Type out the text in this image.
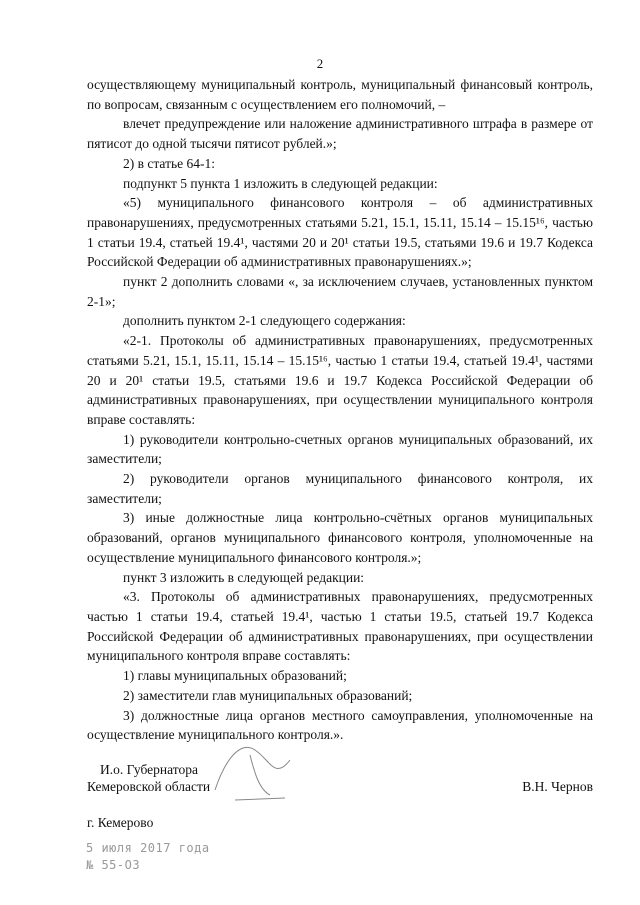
2

осуществляющему муниципальный контроль, муниципальный финансовый контроль, по вопросам, связанным с осуществлением его полномочий, –

влечет предупреждение или наложение административного штрафа в размере от пятисот до одной тысячи пятисот рублей.»;

2) в статье 64-1:

подпункт 5 пункта 1 изложить в следующей редакции:

«5) муниципального финансового контроля – об административных правонарушениях, предусмотренных статьями 5.21, 15.1, 15.11, 15.14 – 15.15¹⁶, частью 1 статьи 19.4, статьей 19.4¹, частями 20 и 20¹ статьи 19.5, статьями 19.6 и 19.7 Кодекса Российской Федерации об административных правонарушениях.»;

пункт 2 дополнить словами «, за исключением случаев, установленных пунктом 2-1»;

дополнить пунктом 2-1 следующего содержания:

«2-1. Протоколы об административных правонарушениях, предусмотренных статьями 5.21, 15.1, 15.11, 15.14 – 15.15¹⁶, частью 1 статьи 19.4, статьей 19.4¹, частями 20 и 20¹ статьи 19.5, статьями 19.6 и 19.7 Кодекса Российской Федерации об административных правонарушениях, при осуществлении муниципального контроля вправе составлять:

1) руководители контрольно-счетных органов муниципальных образований, их заместители;

2) руководители органов муниципального финансового контроля, их заместители;

3) иные должностные лица контрольно-счётных органов муниципальных образований, органов муниципального финансового контроля, уполномоченные на осуществление муниципального финансового контроля.»;

пункт 3 изложить в следующей редакции:

«3. Протоколы об административных правонарушениях, предусмотренных частью 1 статьи 19.4, статьей 19.4¹, частью 1 статьи 19.5, статьей 19.7 Кодекса Российской Федерации об административных правонарушениях, при осуществлении муниципального контроля вправе составлять:

1) главы муниципальных образований;

2) заместители глав муниципальных образований;

3) должностные лица органов местного самоуправления, уполномоченные на осуществление муниципального контроля.».

И.о. Губернатора
Кемеровской области	В.Н. Чернов
г. Кемерово
5 июля 2017 года
№ 55-ОЗ
